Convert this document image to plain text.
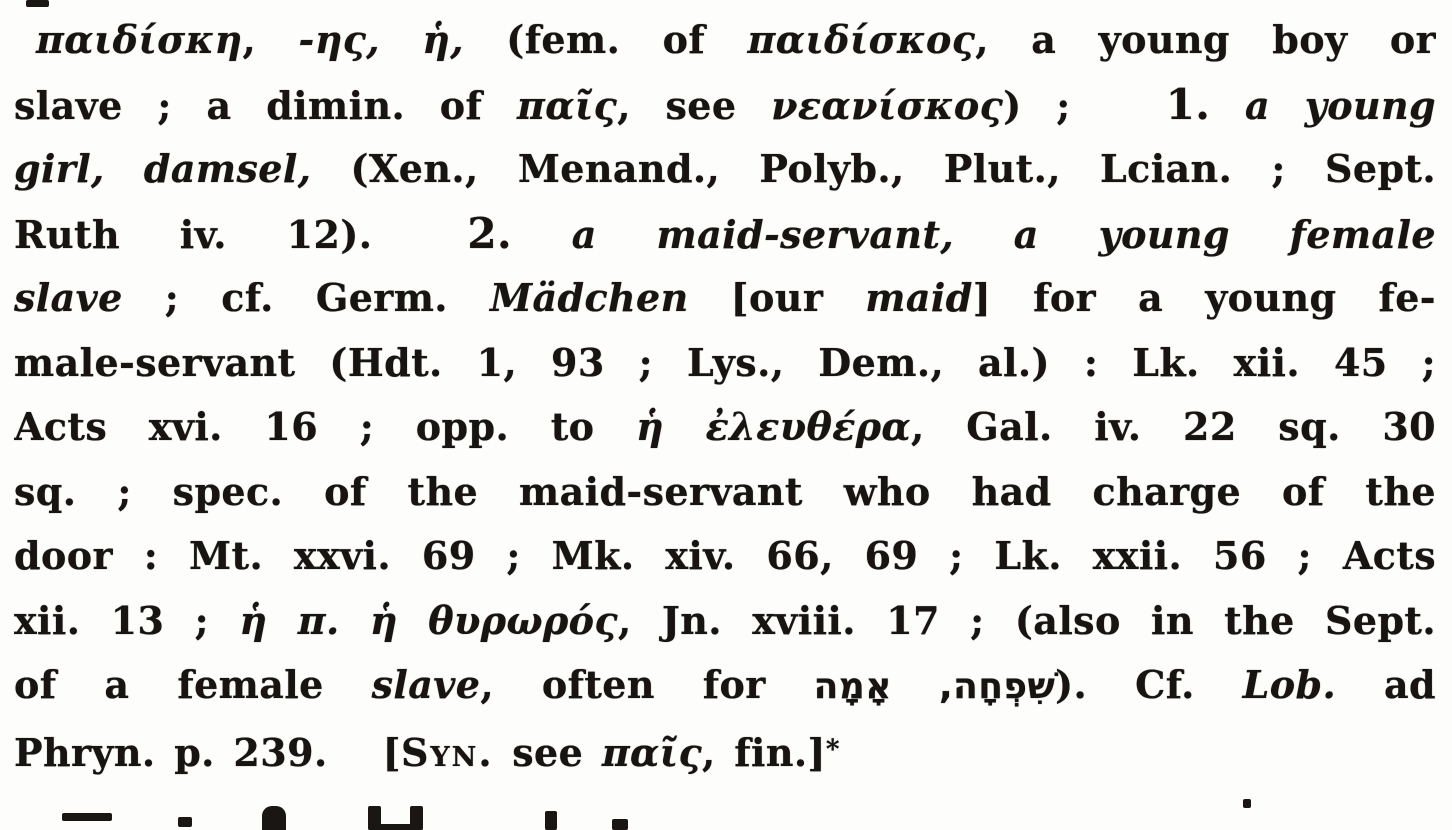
παιδίσκη, -ης, ἡ, (fem. of παιδίσκος, a young boy or
slave ; a dimin. of παῖς, see νεανίσκος) ; 1. a young
girl, damsel, (Xen., Menand., Polyb., Plut., Lcian. ; Sept.
Ruth iv. 12). 2. a maid-servant, a young female
slave ; cf. Germ. Mädchen [our maid] for a young fe-
male-servant (Hdt. 1, 93 ; Lys., Dem., al.) : Lk. xii. 45 ;
Acts xvi. 16 ; opp. to ἡ ἐλευθέρα, Gal. iv. 22 sq. 30
sq. ; spec. of the maid-servant who had charge of the
door : Mt. xxvi. 69 ; Mk. xiv. 66, 69 ; Lk. xxii. 56 ; Acts
xii. 13 ; ἡ π. ἡ θυρωρός, Jn. xviii. 17 ; (also in the Sept.
of a female slave, often for שִׁפְחָה, אָמָה). Cf. Lob. ad
Phryn. p. 239. [Syn. see παῖς, fin.]*
